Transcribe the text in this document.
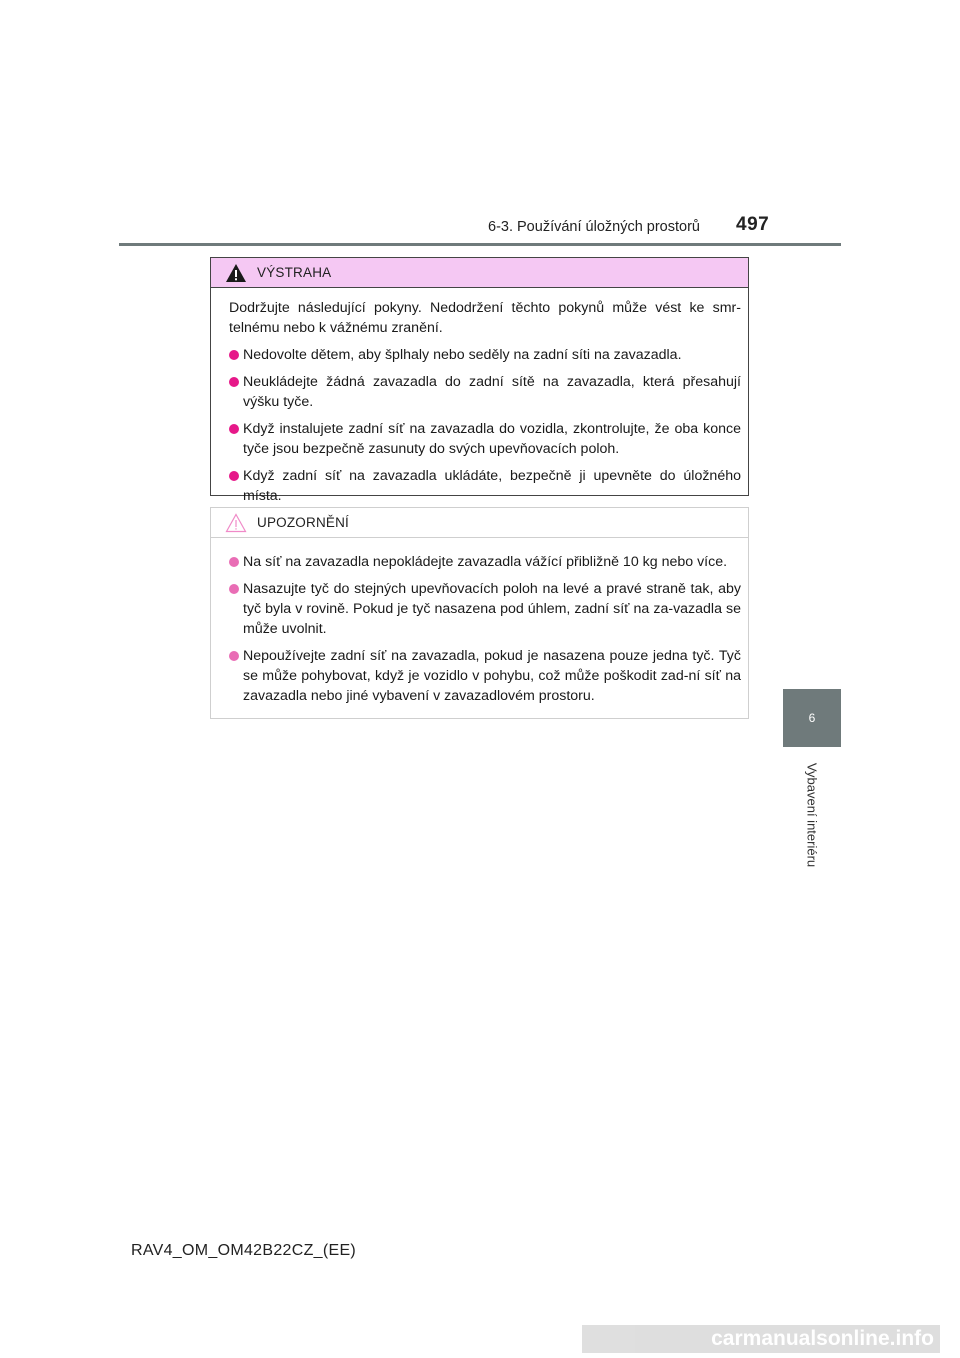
6-3. Používání úložných prostorů 497
6
Vybavení interiéru
VÝSTRAHA
Dodržujte následující pokyny. Nedodržení těchto pokynů může vést ke smr-telnému nebo k vážnému zranění.
Nedovolte dětem, aby šplhaly nebo seděly na zadní síti na zavazadla.
Neukládejte žádná zavazadla do zadní sítě na zavazadla, která přesahují výšku tyče.
Když instalujete zadní síť na zavazadla do vozidla, zkontrolujte, že oba konce tyče jsou bezpečně zasunuty do svých upevňovacích poloh.
Když zadní síť na zavazadla ukládáte, bezpečně ji upevněte do úložného místa.
UPOZORNĚNÍ
Na síť na zavazadla nepokládejte zavazadla vážící přibližně 10 kg nebo více.
Nasazujte tyč do stejných upevňovacích poloh na levé a pravé straně tak, aby tyč byla v rovině. Pokud je tyč nasazena pod úhlem, zadní síť na za-vazadla se může uvolnit.
Nepoužívejte zadní síť na zavazadla, pokud je nasazena pouze jedna tyč. Tyč se může pohybovat, když je vozidlo v pohybu, což může poškodit zad-ní síť na zavazadla nebo jiné vybavení v zavazadlovém prostoru.
RAV4_OM_OM42B22CZ_(EE)
carmanualsonline.info
